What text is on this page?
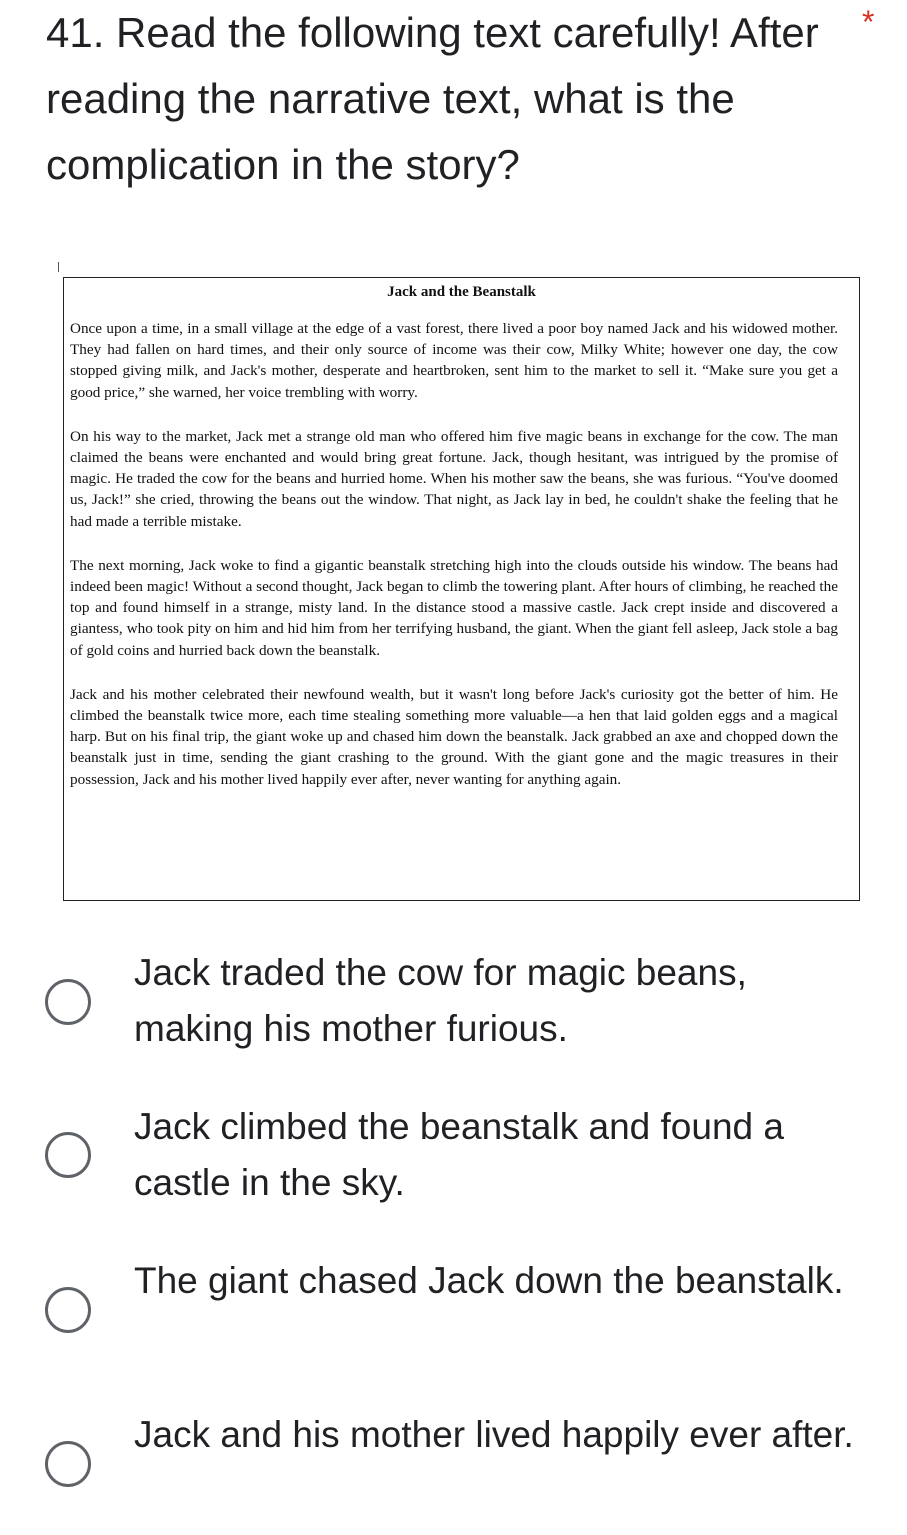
41. Read the following text carefully! After reading the narrative text, what is the complication in the story?
*
Jack and the Beanstalk

Once upon a time, in a small village at the edge of a vast forest, there lived a poor boy named Jack and his widowed mother. They had fallen on hard times, and their only source of income was their cow, Milky White; however one day, the cow stopped giving milk, and Jack's mother, desperate and heartbroken, sent him to the market to sell it. “Make sure you get a good price,” she warned, her voice trembling with worry.

On his way to the market, Jack met a strange old man who offered him five magic beans in exchange for the cow. The man claimed the beans were enchanted and would bring great fortune. Jack, though hesitant, was intrigued by the promise of magic. He traded the cow for the beans and hurried home. When his mother saw the beans, she was furious. “You've doomed us, Jack!” she cried, throwing the beans out the window. That night, as Jack lay in bed, he couldn't shake the feeling that he had made a terrible mistake.

The next morning, Jack woke to find a gigantic beanstalk stretching high into the clouds outside his window. The beans had indeed been magic! Without a second thought, Jack began to climb the towering plant. After hours of climbing, he reached the top and found himself in a strange, misty land. In the distance stood a massive castle. Jack crept inside and discovered a giantess, who took pity on him and hid him from her terrifying husband, the giant. When the giant fell asleep, Jack stole a bag of gold coins and hurried back down the beanstalk.

Jack and his mother celebrated their newfound wealth, but it wasn't long before Jack's curiosity got the better of him. He climbed the beanstalk twice more, each time stealing something more valuable—a hen that laid golden eggs and a magical harp. But on his final trip, the giant woke up and chased him down the beanstalk. Jack grabbed an axe and chopped down the beanstalk just in time, sending the giant crashing to the ground. With the giant gone and the magic treasures in their possession, Jack and his mother lived happily ever after, never wanting for anything again.

Jack traded the cow for magic beans, making his mother furious.
Jack climbed the beanstalk and found a castle in the sky.
The giant chased Jack down the beanstalk.
Jack and his mother lived happily ever after.
